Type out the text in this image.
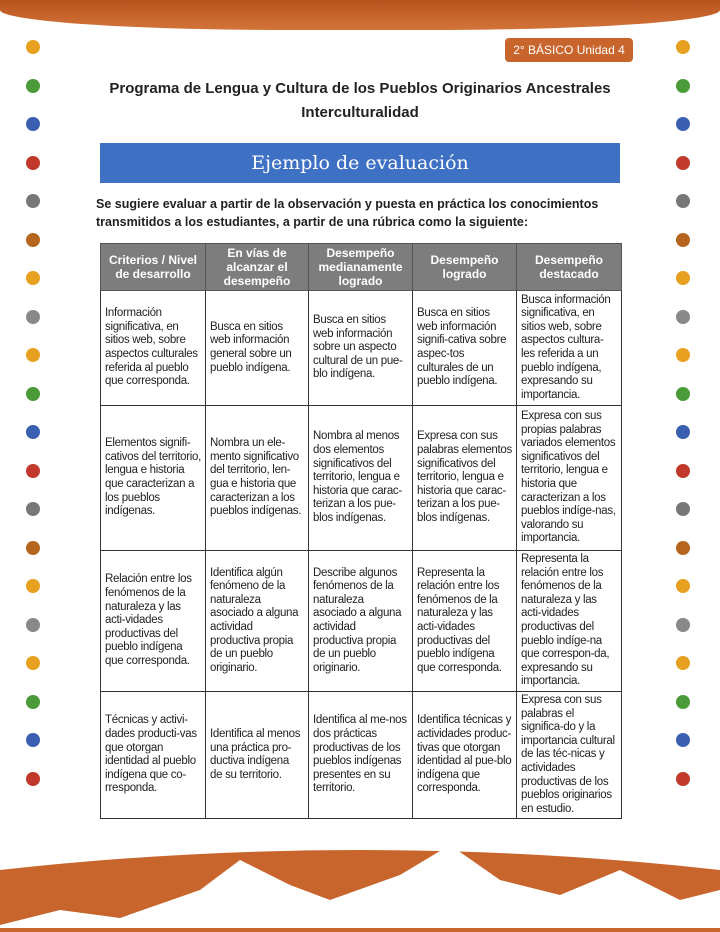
2° BÁSICO Unidad 4
Programa de Lengua y Cultura de los Pueblos Originarios Ancestrales
Interculturalidad
Ejemplo de evaluación
Se sugiere evaluar a partir de la observación y puesta en práctica los conocimientos transmitidos a los estudiantes, a partir de una rúbrica como la siguiente:
Criterios / Nivel de desarrollo	En vías de alcanzar el desempeño	Desempeño medianamente logrado	Desempeño logrado	Desempeño destacado
Información significativa, en sitios web, sobre aspectos culturales referida al pueblo que corresponda.	Busca en sitios web información general sobre un pueblo indígena.	Busca en sitios web información sobre un aspecto cultural de un pue-blo indígena.	Busca en sitios web información signifi-cativa sobre aspec-tos culturales de un pueblo indígena.	Busca información significativa, en sitios web, sobre aspectos cultura-les referida a un pueblo indígena, expresando su importancia.
Elementos signifi-cativos del territorio, lengua e historia que caracterizan a los pueblos indígenas.	Nombra un ele-mento significativo del territorio, len-gua e historia que caracterizan a los pueblos indígenas.	Nombra al menos dos elementos significativos del territorio, lengua e historia que carac-terizan a los pue-blos indígenas.	Expresa con sus palabras elementos significativos del territorio, lengua e historia que carac-terizan a los pue-blos indígenas.	Expresa con sus propias palabras variados elementos significativos del territorio, lengua e historia que caracterizan a los pueblos indíge-nas, valorando su importancia.
Relación entre los fenómenos de la naturaleza y las acti-vidades productivas del pueblo indígena que corresponda.	Identifica algún fenómeno de la naturaleza asociado a alguna actividad productiva propia de un pueblo originario.	Describe algunos fenómenos de la naturaleza asociado a alguna actividad productiva propia de un pueblo originario.	Representa la relación entre los fenómenos de la naturaleza y las acti-vidades productivas del pueblo indígena que corresponda.	Representa la relación entre los fenómenos de la naturaleza y las acti-vidades productivas del pueblo indíge-na que correspon-da, expresando su importancia.
Técnicas y activi-dades producti-vas que otorgan identidad al pueblo indígena que co-rresponda.	Identifica al menos una práctica pro-ductiva indígena de su territorio.	Identifica al me-nos dos prácticas productivas de los pueblos indígenas presentes en su territorio.	Identifica técnicas y actividades produc-tivas que otorgan identidad al pue-blo indígena que corresponda.	Expresa con sus palabras el significa-do y la importancia cultural de las téc-nicas y actividades productivas de los pueblos originarios en estudio.
